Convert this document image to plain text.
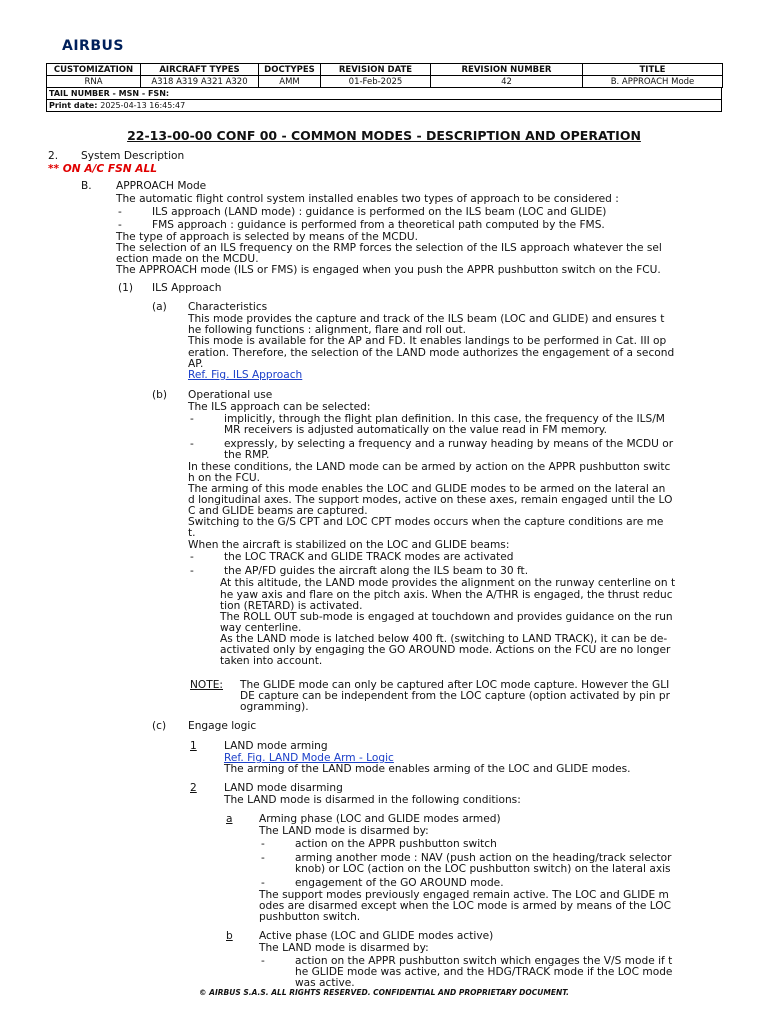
AIRBUS
CUSTOMIZATION	AIRCRAFT TYPES	DOCTYPES	REVISION DATE	REVISION NUMBER	TITLE
RNA	A318 A319 A321 A320	AMM	01-Feb-2025	42	B. APPROACH Mode
TAIL NUMBER - MSN - FSN:
Print date: 2025-04-13 16:45:47
22-13-00-00 CONF 00 - COMMON MODES - DESCRIPTION AND OPERATION
2. System Description
** ON A/C FSN ALL
B. APPROACH Mode
The automatic flight control system installed enables two types of approach to be considered :
-	ILS approach (LAND mode) : guidance is performed on the ILS beam (LOC and GLIDE)
-	FMS approach : guidance is performed from a theoretical path computed by the FMS.
The type of approach is selected by means of the MCDU.
The selection of an ILS frequency on the RMP forces the selection of the ILS approach whatever the sel
ection made on the MCDU.
The APPROACH mode (ILS or FMS) is engaged when you push the APPR pushbutton switch on the FCU.
(1) ILS Approach
(a) Characteristics
This mode provides the capture and track of the ILS beam (LOC and GLIDE) and ensures t
he following functions : alignment, flare and roll out.
This mode is available for the AP and FD. It enables landings to be performed in Cat. III op
eration. Therefore, the selection of the LAND mode authorizes the engagement of a second
AP.
Ref. Fig. ILS Approach
(b) Operational use
The ILS approach can be selected:
-	implicitly, through the flight plan definition. In this case, the frequency of the ILS/M
MR receivers is adjusted automatically on the value read in FM memory.
-	expressly, by selecting a frequency and a runway heading by means of the MCDU or
the RMP.
In these conditions, the LAND mode can be armed by action on the APPR pushbutton switc
h on the FCU.
The arming of this mode enables the LOC and GLIDE modes to be armed on the lateral an
d longitudinal axes. The support modes, active on these axes, remain engaged until the LO
C and GLIDE beams are captured.
Switching to the G/S CPT and LOC CPT modes occurs when the capture conditions are me
t.
When the aircraft is stabilized on the LOC and GLIDE beams:
-	the LOC TRACK and GLIDE TRACK modes are activated
-	the AP/FD guides the aircraft along the ILS beam to 30 ft.
At this altitude, the LAND mode provides the alignment on the runway centerline on t
he yaw axis and flare on the pitch axis. When the A/THR is engaged, the thrust reduc
tion (RETARD) is activated.
The ROLL OUT sub-mode is engaged at touchdown and provides guidance on the run
way centerline.
As the LAND mode is latched below 400 ft. (switching to LAND TRACK), it can be de-
activated only by engaging the GO AROUND mode. Actions on the FCU are no longer
taken into account.
NOTE: The GLIDE mode can only be captured after LOC mode capture. However the GLI
DE capture can be independent from the LOC capture (option activated by pin pr
ogramming).
(c) Engage logic
1	LAND mode arming
Ref. Fig. LAND Mode Arm - Logic
The arming of the LAND mode enables arming of the LOC and GLIDE modes.
2	LAND mode disarming
The LAND mode is disarmed in the following conditions:
a	Arming phase (LOC and GLIDE modes armed)
The LAND mode is disarmed by:
-	action on the APPR pushbutton switch
-	arming another mode : NAV (push action on the heading/track selector
knob) or LOC (action on the LOC pushbutton switch) on the lateral axis
-	engagement of the GO AROUND mode.
The support modes previously engaged remain active. The LOC and GLIDE m
odes are disarmed except when the LOC mode is armed by means of the LOC
pushbutton switch.
b Active phase (LOC and GLIDE modes active)
The LAND mode is disarmed by:
-	action on the APPR pushbutton switch which engages the V/S mode if t
he GLIDE mode was active, and the HDG/TRACK mode if the LOC mode
was active.
© AIRBUS S.A.S. ALL RIGHTS RESERVED. CONFIDENTIAL AND PROPRIETARY DOCUMENT.
